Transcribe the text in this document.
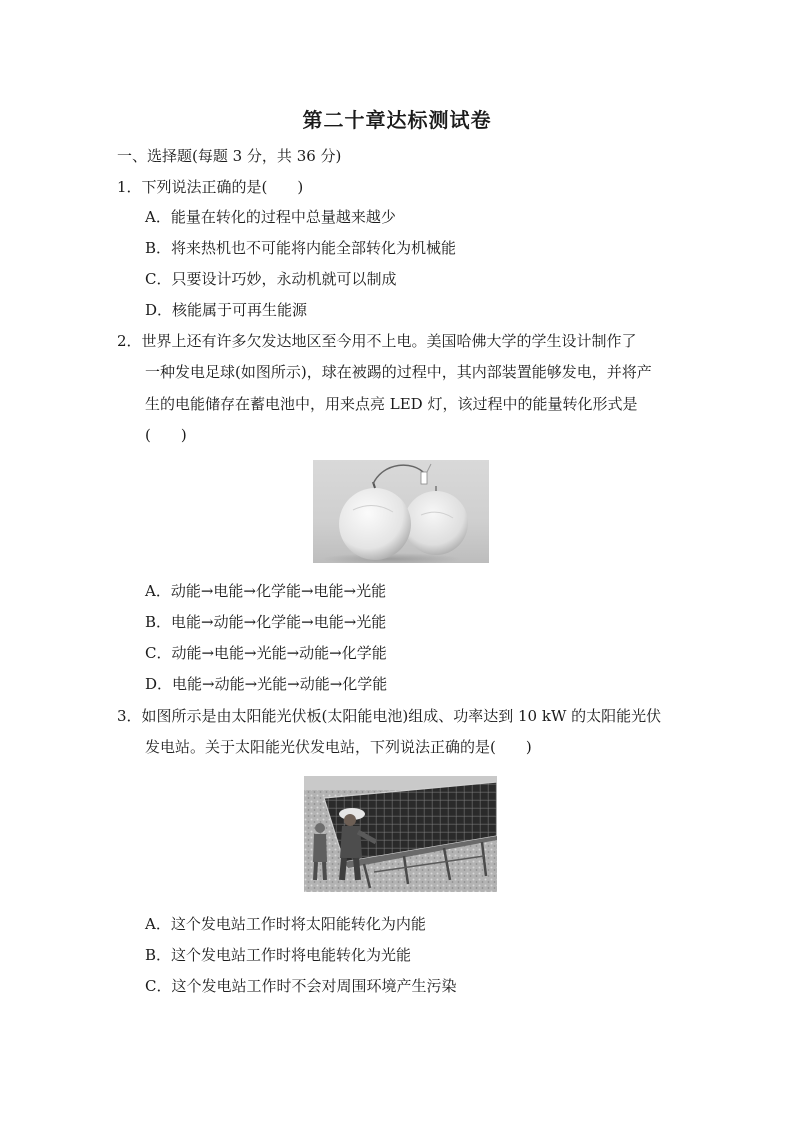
第二十章达标测试卷
一、选择题(每题 3 分，共 36 分)
1．下列说法正确的是(　　)
A．能量在转化的过程中总量越来越少
B．将来热机也不可能将内能全部转化为机械能
C．只要设计巧妙，永动机就可以制成
D．核能属于可再生能源
2．世界上还有许多欠发达地区至今用不上电。美国哈佛大学的学生设计制作了
一种发电足球(如图所示)，球在被踢的过程中，其内部装置能够发电，并将产
生的电能储存在蓄电池中，用来点亮 LED 灯，该过程中的能量转化形式是
(　　)
A．动能→电能→化学能→电能→光能
B．电能→动能→化学能→电能→光能
C．动能→电能→光能→动能→化学能
D．电能→动能→光能→动能→化学能
3．如图所示是由太阳能光伏板(太阳能电池)组成、功率达到 10 kW 的太阳能光伏
发电站。关于太阳能光伏发电站，下列说法正确的是(　　)
A．这个发电站工作时将太阳能转化为内能
B．这个发电站工作时将电能转化为光能
C．这个发电站工作时不会对周围环境产生污染
